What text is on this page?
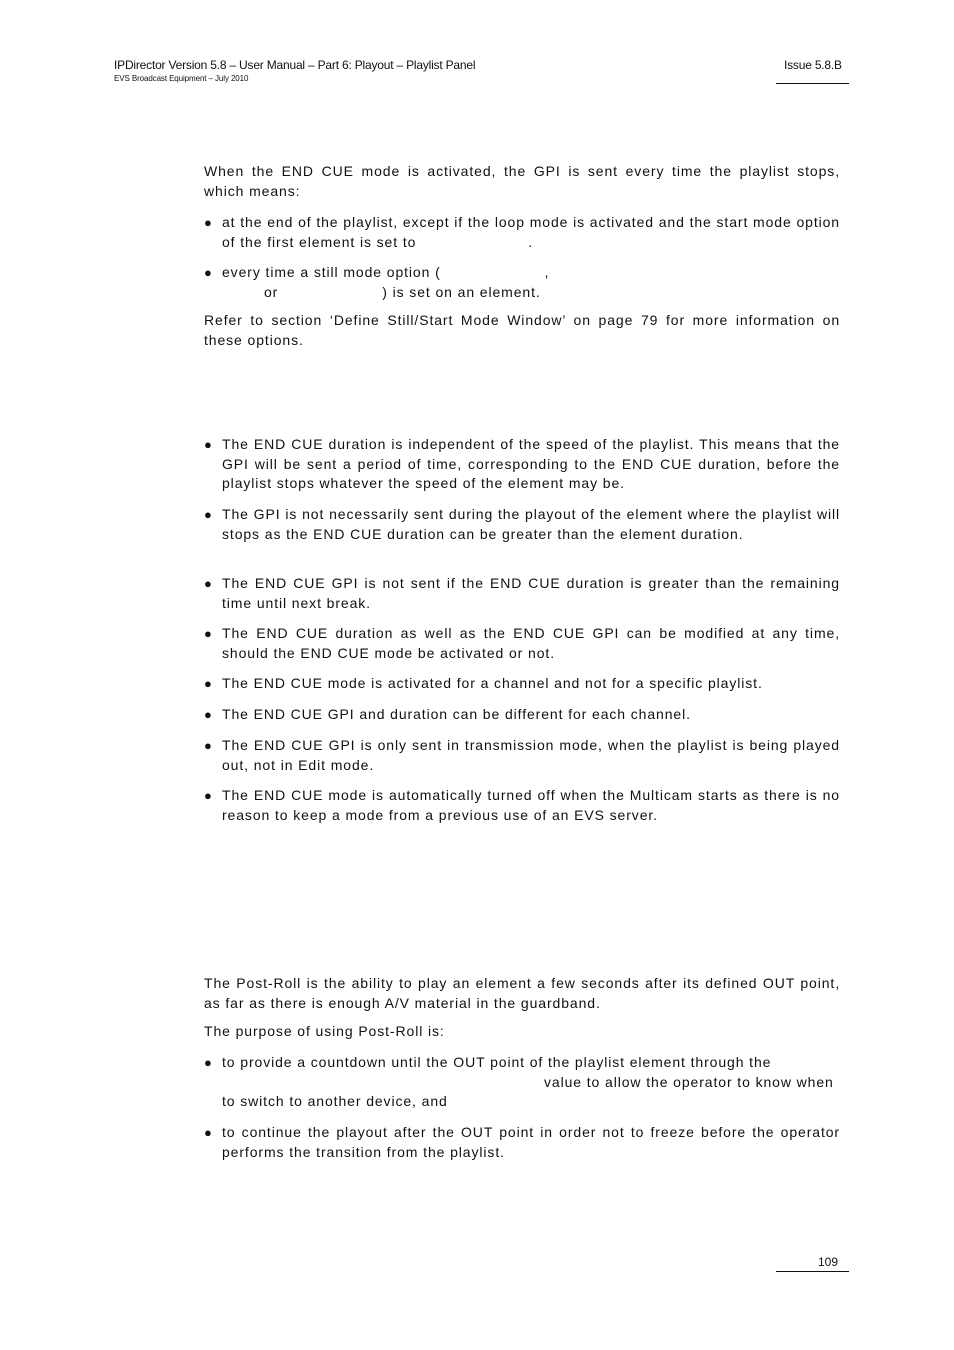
IPDirector Version 5.8 – User Manual – Part 6: Playout – Playlist Panel
EVS Broadcast Equipment – July 2010
Issue 5.8.B

When the END CUE mode is activated, the GPI is sent every time the playlist stops, which means:

● at the end of the playlist, except if the loop mode is activated and the start mode option of the first element is set to	.
● every time a still mode option (	,
or	) is set on an element.

Refer to section ‘Define Still/Start Mode Window’ on page 79 for more information on these options.

● The END CUE duration is independent of the speed of the playlist. This means that the GPI will be sent a period of time, corresponding to the END CUE duration, before the playlist stops whatever the speed of the element may be.
● The GPI is not necessarily sent during the playout of the element where the playlist will stops as the END CUE duration can be greater than the element duration.
● The END CUE GPI is not sent if the END CUE duration is greater than the remaining time until next break.
● The END CUE duration as well as the END CUE GPI can be modified at any time, should the END CUE mode be activated or not.
● The END CUE mode is activated for a channel and not for a specific playlist.
● The END CUE GPI and duration can be different for each channel.
● The END CUE GPI is only sent in transmission mode, when the playlist is being played out, not in Edit mode.
● The END CUE mode is automatically turned off when the Multicam starts as there is no reason to keep a mode from a previous use of an EVS server.

The Post-Roll is the ability to play an element a few seconds after its defined OUT point, as far as there is enough A/V material in the guardband.

The purpose of using Post-Roll is:

● to provide a countdown until the OUT point of the playlist element through the
value to allow the operator to know when to switch to another device, and
● to continue the playout after the OUT point in order not to freeze before the operator performs the transition from the playlist.
109
